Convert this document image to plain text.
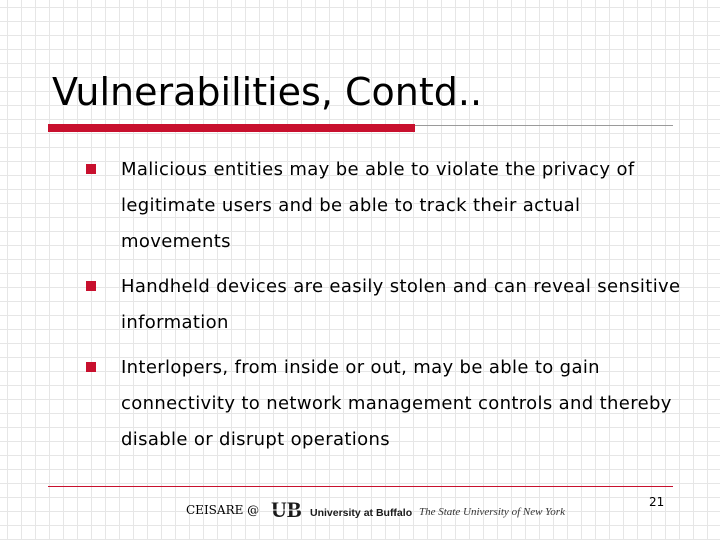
Vulnerabilities, Contd..
Malicious entities may be able to violate the privacy of legitimate users and be able to track their actual movements
Handheld devices are easily stolen and can reveal sensitive information
Interlopers, from inside or out, may be able to gain connectivity to network management controls and thereby disable or disrupt operations
CEISARE @ UB University at Buffalo The State University of New York
21
